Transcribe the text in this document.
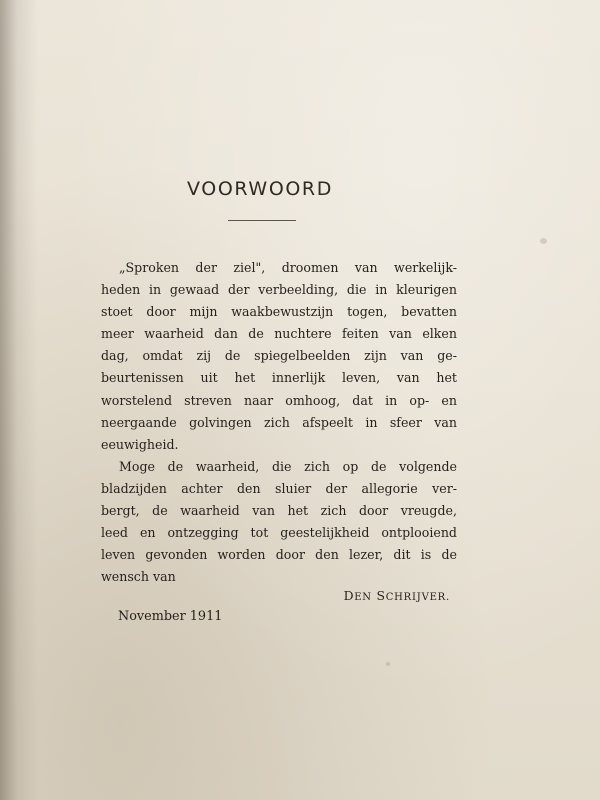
VOORWOORD

„Sproken der ziel", droomen van werkelijk-
heden in gewaad der verbeelding, die in kleurigen
stoet door mijn waakbewustzijn togen, bevatten
meer waarheid dan de nuchtere feiten van elken
dag, omdat zij de spiegelbeelden zijn van ge-
beurtenissen uit het innerlijk leven, van het
worstelend streven naar omhoog, dat in op- en
neergaande golvingen zich afspeelt in sfeer van
eeuwigheid.

Moge de waarheid, die zich op de volgende
bladzijden achter den sluier der allegorie ver-
bergt, de waarheid van het zich door vreugde,
leed en ontzegging tot geestelijkheid ontplooiend
leven gevonden worden door den lezer, dit is de
wensch van

DEN SCHRIJVER.
November 1911
